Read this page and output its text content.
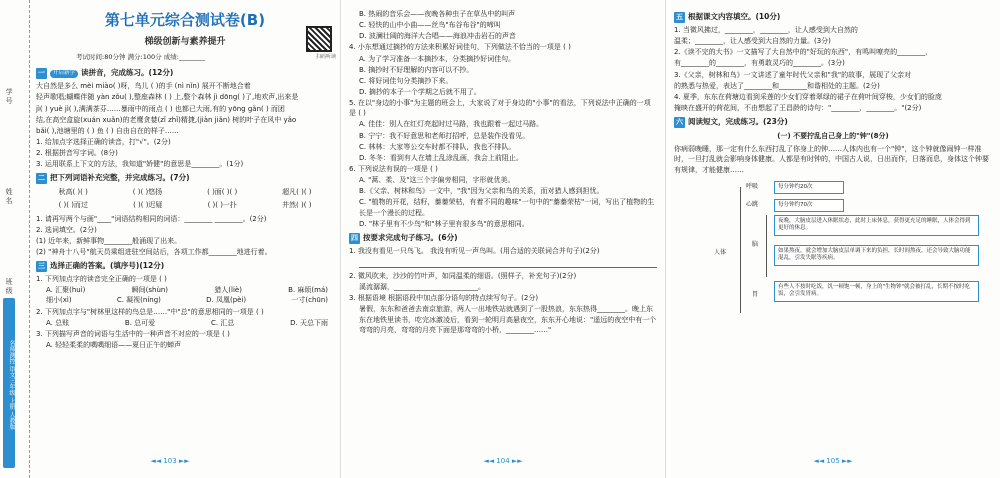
学号
姓名
班级
名师测控 语文三年级 上册 人教版
扫码听读
第七单元综合测试卷(B)
梯级创新与素养提升
考试时间:80分钟 满分:100分 成绩:________
一	开启新学 读拼音，完成练习。(12分)

大自然是多么 mèi miào( )呀，鸟儿 ( )的手 (nì nǐn) 展开不断地合着

轻声歌唱;蝴蝶伴随 yàn zǒu( ),整座森林 ( ) 上,整个森林 jì dōng( )了,地欢声,出来是

jì( ) yuè jì( ),满满茶芬……暴雨中的雨点 ( ) 也都已大雨,有的 yōng gǎn( ) 而团

结,在高空盒旋(xuán xuǎn)的老鹰贪婪(zǐ zhǐ)精捷,(jiàn jiǎn) 树的叶子在风中 yǎo

bǎi( ),池塘里的 ( ) 鱼 ( ) 自由自在的样子……

1. 给加点字选择正确的读音，打"√"。(2分)

2. 根据拼音写字词。(8分)

3. 运用联系上下文的方法，我知道"娇健"的意思是________。(1分)

二 把下列词语补充完整，并完成练习。(7分)
秋高( )( )	( )( )悠扬	( )面( )( )	超凡( )( )
( )( )而过	( )( )迟疑	( )( )一扑	井然( )( )

1. 请再写两个与画"____"词语结构相同的词语：________ ________。(2分)

2. 选词填空。(2分)

(1) 近年来，新鲜事物________般涌现了出来。

(2) "神舟十八号"航天员乘组进驻空间站后，各项工作都________地进行着。

三 选择正确的答案。(填序号)(12分)

1. 下列加点字的读音完全正确的一项是 ( )

A. 汇聚(huì)	瞬间(shùn)	猎人(liè)	B. 麻烦(má)
细小(xì)	C. 凝视(níng)	D. 凤凰(pèi)	一寸(chūn)

2. 下列加点字与"树林里这样的鸟总是……"中"总"的意思相同的一项是 ( )

A. 总账	B. 总可爱	C. 汇总	D. 天总下雨

3. 下列描写声音的词语与生活中的一种声音不对应的一项是 ( )

A. 轻轻柔柔的喁喁细语——夏日正午的蝉声

◄◄ 103 ►►

B. 热闹的音乐会——夜晚各种虫子在草丛中的叫声

C. 轻快的山中小曲——丝鸟"布谷布谷"的啼叫

D. 波澜壮阔的海洋大合唱——海浪冲击岩石的声音

4. 小东想通过摘抄的方法来积累好词佳句，下列做法不恰当的一项是 ( )

A. 为了学习准备一本摘抄本，分类摘抄好词佳句。

B. 摘抄时不好理解的内容可以不抄。

C. 将好词佳句分类摘抄下来。

D. 摘抄的本子一个学期之后就不用了。

5. 在以"身边的小事"为主题的班会上，大家说了对于身边的"小事"的看法，下列说法中正确的一项是 ( )

A. 佳佳：别人在红灯亮起时过马路，我也跟着一起过马路。

B. 宁宁：我不好意思和老师打招呼，总是装作没看见。

C. 林林：大家等公交车时都不排队，我也不排队。

D. 冬冬：看到有人在墙上乱涂乱画，我会上前阻止。

6. 下列说法有误的一项是 ( )

A. "蒿、柔、及"这三个字偏旁相同，字形就优美。

B.《父亲、树林和鸟》一文中，"我"因为父亲和鸟的关系，而对猎人感到担忧。

C. "植物的开花，结籽，蓁蓁荣枯，有着不同的趣味"一句中的"蓁蓁荣枯"一词，写出了植物的生长是一个漫长的过程。

D. "林子里有不少鸟"和"林子里有很多鸟"的意思相同。

四 按要求完成句子练习。(6分)

1. 我没有看见一只鸟飞。 我没有听见一声鸟叫。(用合适的关联词合并句子)(2分)

2. 微风吹来，沙沙的竹叶声，如同温柔的细语。(照样子，补充句子)(2分)

溪流潺潺，________________________。

3. 根据语境 根据语段中加点部分语句的特点续写句子。(2分)

暑假，东东和爸爸去南京旅游，两人一出地铁站就遇到了一股热浪，东东热得________。晚上东东在地铁里读书，吃完冰激凌后，看到一轮明月高悬夜空，东东开心地说："遥远的夜空中有一个弯弯的月亮，弯弯的月亮下面是那弯弯的小桥，________……"

◄◄ 104 ►►
五 根据课文内容填空。(10分)

1. 当微风拂过，________，________，让人感受到大自然的

温柔；________，让人感受到大自然的力量。(3分)

2.《读不完的大书》一文描写了大自然中的"好玩的东西"，有鸣叫嘹亮的________，

有________的________，有勇敢灵巧的________。(3分)

3.《父亲，树林和鸟》一文讲述了童年时代父亲和"我"的故事，展现了父亲对

的熟悉与热爱，表达了________和________和谐相处的主题。(2分)

4. 夏季，东东在荷塘边看到采莲的少女们穿着翠绿的裙子在荷叶间穿梭，少女们的脸庞

掩映在盛开的荷花间，不由想起了王昌龄的诗句："________，________。"(2分)

六 阅读短文，完成练习。(23分)
(一) 不要拧乱自己身上的"钟"(8分)

你病弱晚睡，那一定有什么东西打乱了你身上的钟……人体内也有一个"钟"，这个钟就像闹钟一样准时，一旦打乱就会影响身体健康。人都是有时钟的，中国古人说，日出而作，日落而息，身体这个钟要有规律，才能健康……

人体
呼吸	每分钟约20次
心跳	每分钟约70次
脑
夜晚，大脑皮层进入休眠状态，此时上床休息，获得更充足的睡眠，人体会得到更好的休息。
如果熬夜，就会增加大脑皮层单调下来的负担，长时间熬夜，还会导致大脑功能混乱，引发失眠等疾病。
胃
有些人不按时吃饭，饥一顿饱一顿，身上的"生物钟"就会被打乱，长期不按时吃饭，会引发胃病。
◄◄ 105 ►►
